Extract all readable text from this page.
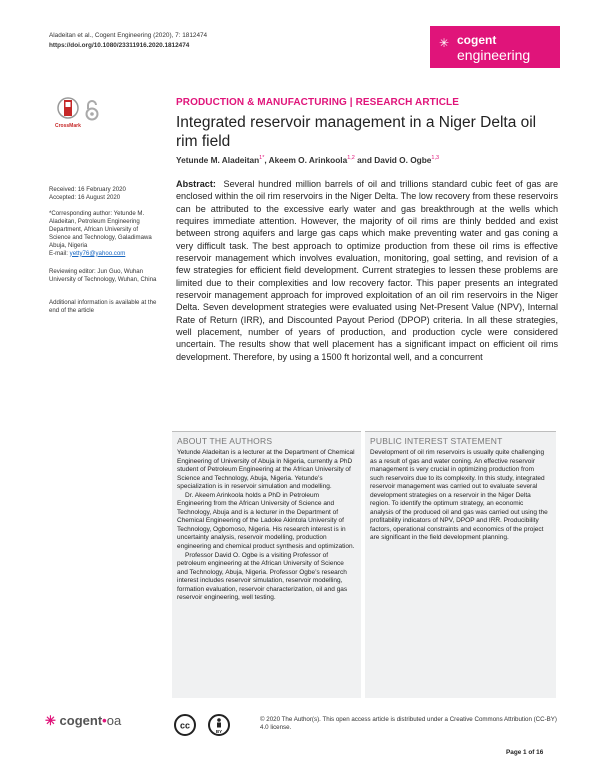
Aladeitan et al., Cogent Engineering (2020), 7: 1812474
https://doi.org/10.1080/23311916.2020.1812474	✳ cogent
engineering
CrossMark
Received: 16 February 2020
Accepted: 16 August 2020
*Corresponding author: Yetunde M. Aladeitan, Petroleum Engineering Department, African University of Science and Technology, Galadimawa Abuja, Nigeria
E-mail: yetty76@yahoo.com
Reviewing editor: Jun Guo, Wuhan University of Technology, Wuhan, China
Additional information is available at the end of the article
PRODUCTION & MANUFACTURING | RESEARCH ARTICLE
Integrated reservoir management in a Niger Delta oil rim field
Yetunde M. Aladeitan$^{1*}$, Akeem O. Arinkoola$^{1,2}$ and David O. Ogbe$^{1,3}$
Abstract: Several hundred million barrels of oil and trillions standard cubic feet of gas are enclosed within the oil rim reservoirs in the Niger Delta. The low recovery from these reservoirs can be attributed to the excessive early water and gas breakthrough at the wells which requires immediate attention. However, the majority of oil rims are thinly bedded and exist between strong aquifers and large gas caps which make preventing water and gas coning a very difficult task. The best approach to optimize production from these oil rims is effective reservoir management which involves evaluation, monitoring, goal setting, and revision of a few strategies for efficient field development. Current strategies to lessen these problems are limited due to their complexities and low recovery factor. This paper presents an integrated reservoir management approach for improved exploitation of an oil rim reservoirs in the Niger Delta. Seven development strategies were evaluated using Net-Present Value (NPV), Internal Rate of Return (IRR), and Discounted Payout Period (DPOP) criteria. In all these strategies, well placement, number of years of production, and production cycle were considered uncertain. The results show that well placement has a significant impact on efficient oil rims development. Therefore, by using a 1500 ft horizontal well, and a concurrent
ABOUT THE AUTHORS

Yetunde Aladeitan is a lecturer at the Department of Chemical Engineering of University of Abuja in Nigeria, currently a PhD student of Petroleum Engineering at the African University of Science and Technology, Abuja, Nigeria. Yetunde’s specialization is in reservoir simulation and modelling.

Dr. Akeem Arinkoola holds a PhD in Petroleum Engineering from the African University of Science and Technology, Abuja and is a lecturer in the Department of Chemical Engineering of the Ladoke Akintola University of Technology, Ogbomoso, Nigeria. His research interest is in uncertainty analysis, reservoir modelling, production engineering and chemical product synthesis and optimization.

Professor David O. Ogbe is a visiting Professor of petroleum engineering at the African University of Science and Technology, Abuja, Nigeria. Professor Ogbe’s research interest includes reservoir simulation, reservoir modelling, formation evaluation, reservoir characterization, oil and gas reservoir engineering, well testing.

PUBLIC INTEREST STATEMENT
Development of oil rim reservoirs is usually quite challenging as a result of gas and water coning. An effective reservoir management is very crucial in optimizing production from such reservoirs due to its complexity. In this study, integrated reservoir management was carried out to evaluate several development strategies on a reservoir in the Niger Delta region. To identify the optimum strategy, an economic analysis of the produced oil and gas was carried out using the profitability indicators of NPV, DPOP and IRR. Producibility factors, operational constraints and economics of the project are significant in the field development planning.
✳ cogent•oa	cc
BY
© 2020 The Author(s). This open access article is distributed under a Creative Commons Attribution (CC-BY) 4.0 license.
Page 1 of 16
